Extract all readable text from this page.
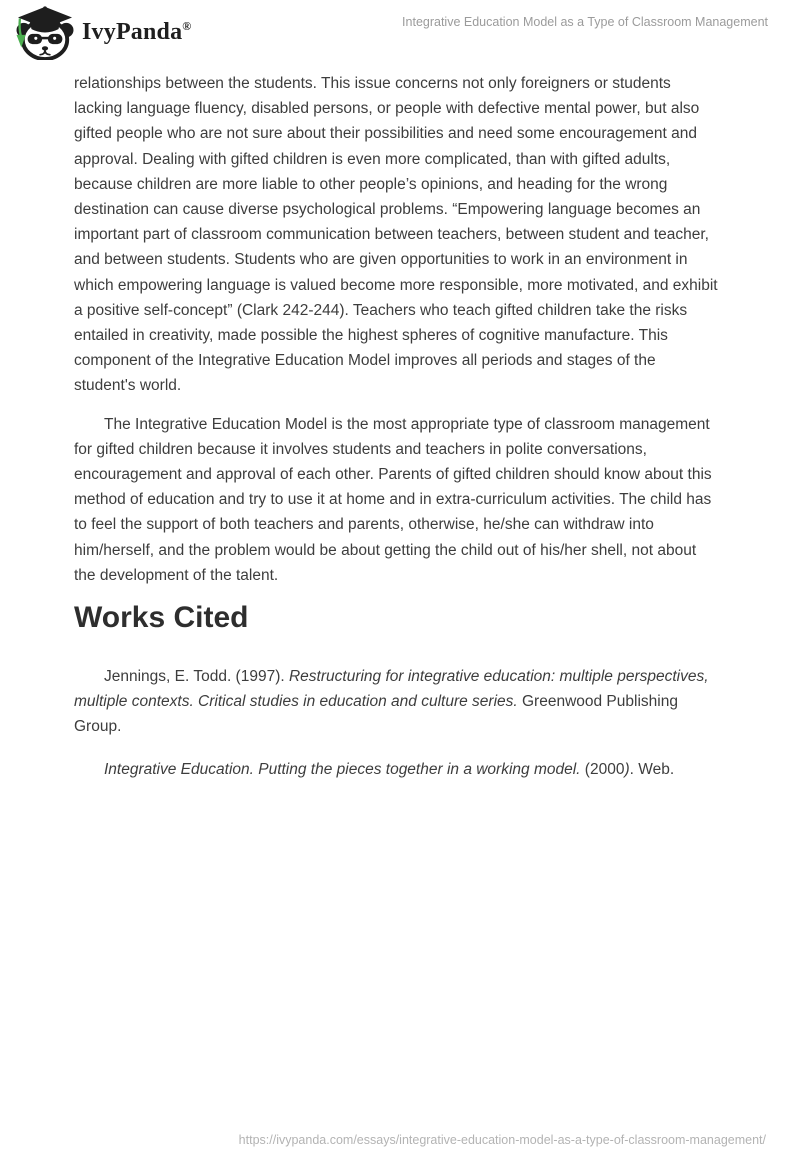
IvyPanda®	Integrative Education Model as a Type of Classroom Management

relationships between the students. This issue concerns not only foreigners or students lacking language fluency, disabled persons, or people with defective mental power, but also gifted people who are not sure about their possibilities and need some encouragement and approval. Dealing with gifted children is even more complicated, than with gifted adults, because children are more liable to other people’s opinions, and heading for the wrong destination can cause diverse psychological problems. “Empowering language becomes an important part of classroom communication between teachers, between student and teacher, and between students. Students who are given opportunities to work in an environment in which empowering language is valued become more responsible, more motivated, and exhibit a positive self-concept” (Clark 242-244). Teachers who teach gifted children take the risks entailed in creativity, made possible the highest spheres of cognitive manufacture. This component of the Integrative Education Model improves all periods and stages of the student's world.

The Integrative Education Model is the most appropriate type of classroom management for gifted children because it involves students and teachers in polite conversations, encouragement and approval of each other. Parents of gifted children should know about this method of education and try to use it at home and in extra-curriculum activities. The child has to feel the support of both teachers and parents, otherwise, he/she can withdraw into him/herself, and the problem would be about getting the child out of his/her shell, not about the development of the talent.

Works Cited

Jennings, E. Todd. (1997). Restructuring for integrative education: multiple perspectives, multiple contexts. Critical studies in education and culture series. Greenwood Publishing Group.

Integrative Education. Putting the pieces together in a working model. (2000). Web.

https://ivypanda.com/essays/integrative-education-model-as-a-type-of-classroom-management/
